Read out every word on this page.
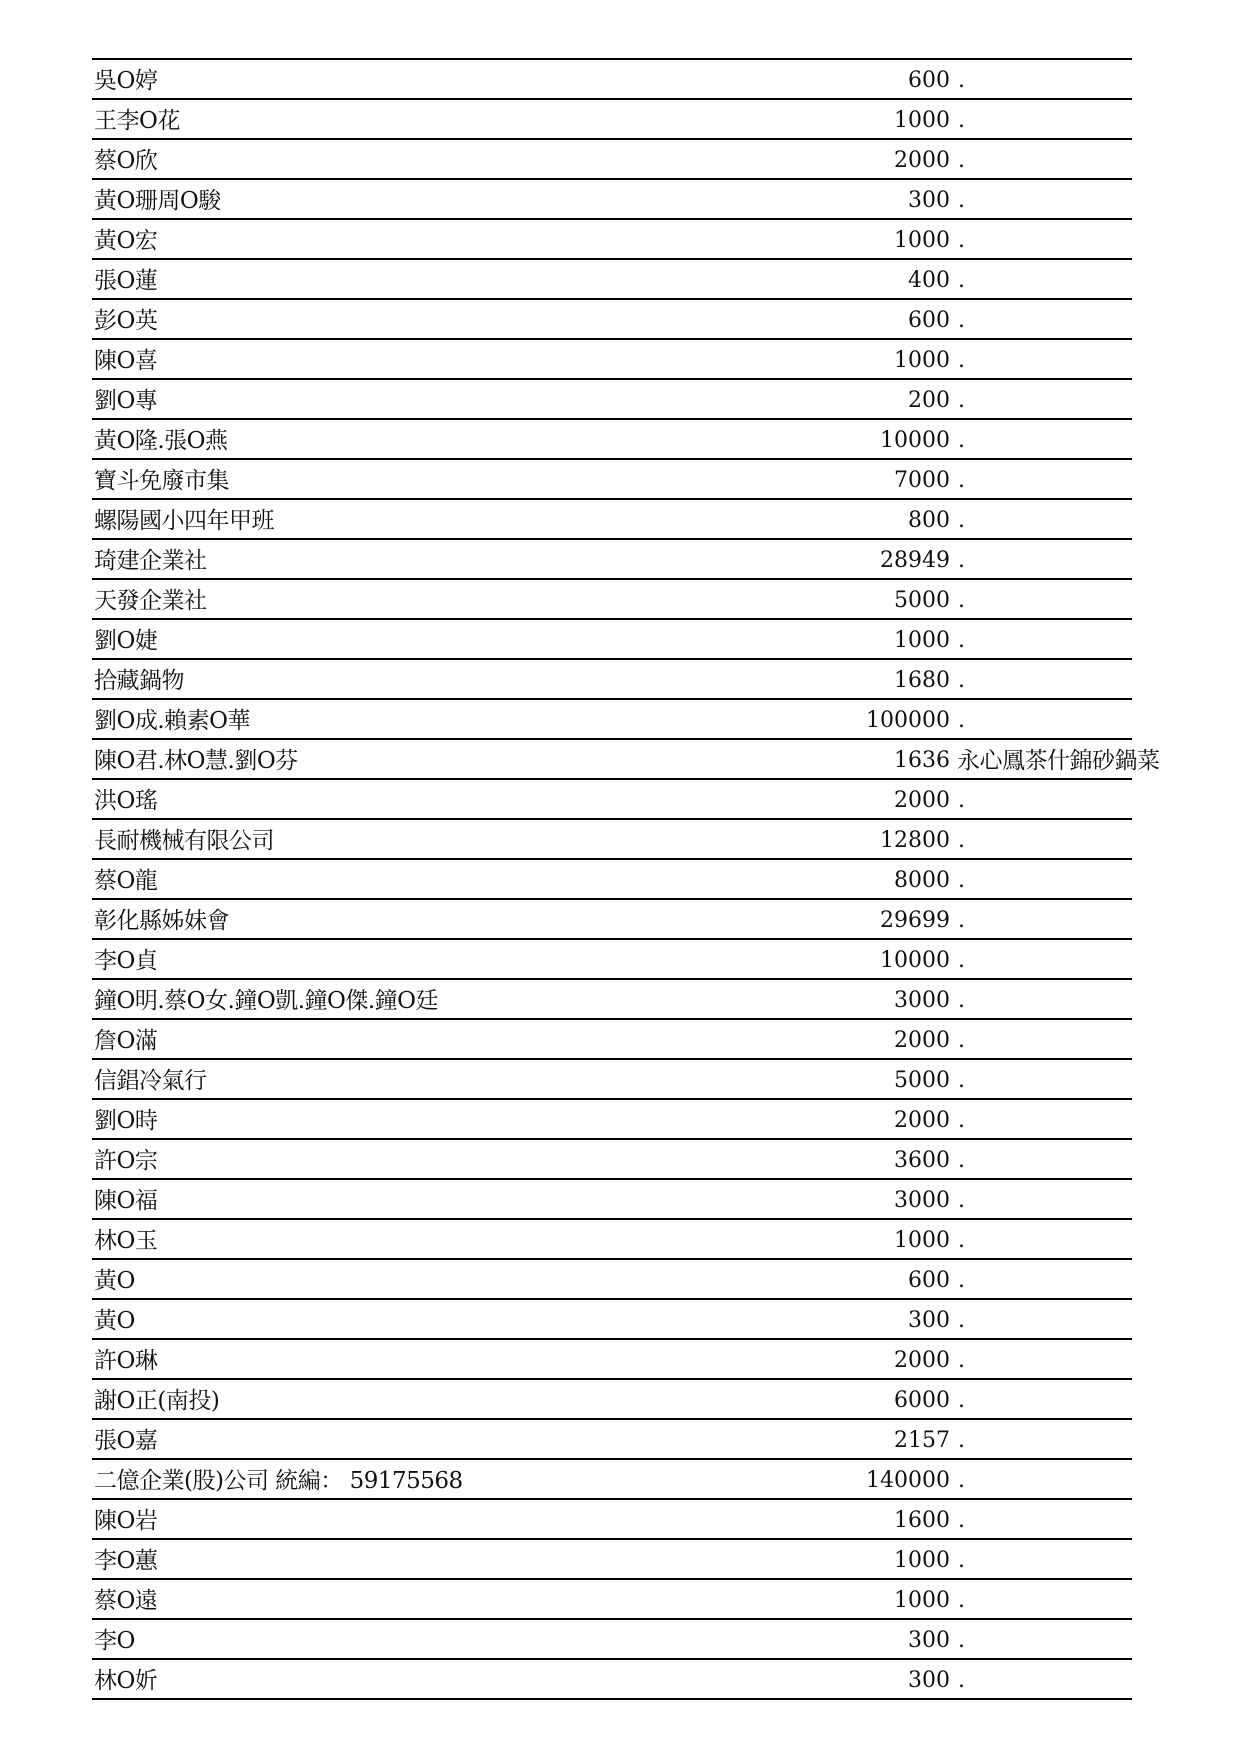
吳O婷	600 .
王李O花	1000 .
蔡O欣	2000 .
黃O珊周O駿	300 .
黃O宏	1000 .
張O蓮	400 .
彭O英	600 .
陳O喜	1000 .
劉O專	200 .
黃O隆.張O燕	10000 .
寶斗免廢市集	7000 .
螺陽國小四年甲班	800 .
琦建企業社	28949 .
天發企業社	5000 .
劉O婕	1000 .
拾藏鍋物	1680 .
劉O成.賴素O華	100000 .
陳O君.林O慧.劉O芬	1636 永心鳳茶什錦砂鍋菜
洪O瑤	2000 .
長耐機械有限公司	12800 .
蔡O龍	8000 .
彰化縣姊妹會	29699 .
李O貞	10000 .
鐘O明.蔡O女.鐘O凱.鐘O傑.鐘O廷	3000 .
詹O滿	2000 .
信錩冷氣行	5000 .
劉O時	2000 .
許O宗	3600 .
陳O福	3000 .
林O玉	1000 .
黃O	600 .
黃O	300 .
許O琳	2000 .
謝O正(南投)	6000 .
張O嘉	2157 .
二億企業(股)公司 統編： 59175568	140000 .
陳O岩	1600 .
李O蕙	1000 .
蔡O遠	1000 .
李O	300 .
林O妡	300 .
